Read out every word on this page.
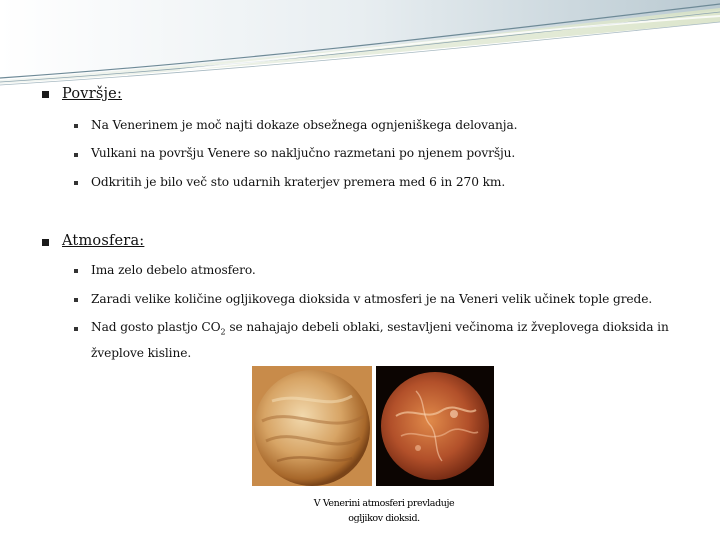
Površje:
Na Venerinem je moč najti dokaze obsežnega ognjeniškega delovanja.
Vulkani na površju Venere so naključno razmetani po njenem površju.
Odkritih je bilo več sto udarnih kraterjev premera med 6 in 270 km.
Atmosfera:
Ima zelo debelo atmosfero.
Zaradi velike količine ogljikovega dioksida v atmosferi je na Veneri velik učinek tople grede.
Nad gosto plastjo $CO_2$ se nahajajo debeli oblaki, sestavljeni večinoma iz žveplovega dioksida in
žveplove kisline.
V Venerini atmosferi prevladuje
ogljikov dioksid.
